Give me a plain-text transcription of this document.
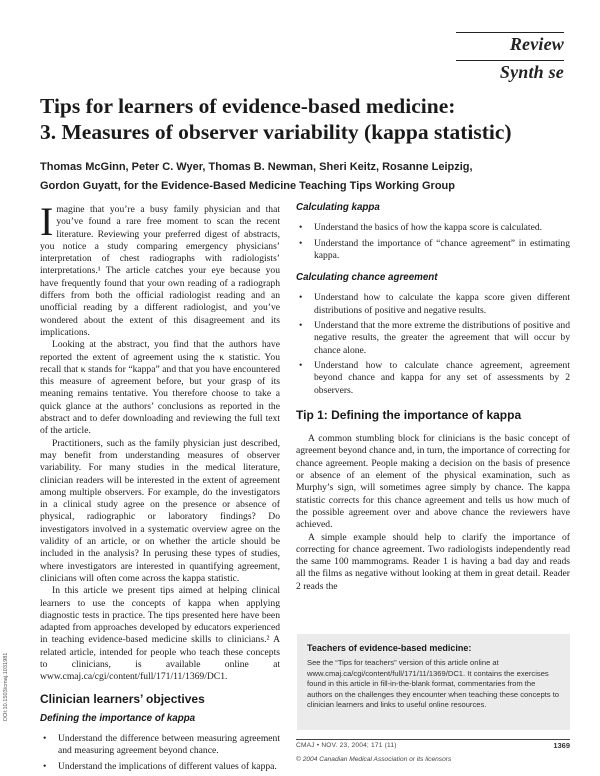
Review
Synth se
Tips for learners of evidence-based medicine:
3. Measures of observer variability (kappa statistic)
Thomas McGinn, Peter C. Wyer, Thomas B. Newman, Sheri Keitz, Rosanne Leipzig,
Gordon Guyatt, for the Evidence-Based Medicine Teaching Tips Working Group

Imagine that you’re a busy family physician and that you’ve found a rare free moment to scan the recent literature. Reviewing your preferred digest of abstracts, you notice a study comparing emergency physicians’ interpretation of chest radiographs with radiologists’ interpretations.¹ The article catches your eye because you have frequently found that your own reading of a radiograph differs from both the official radiologist reading and an unofficial reading by a different radiologist, and you’ve wondered about the extent of this disagreement and its implications.

Looking at the abstract, you find that the authors have reported the extent of agreement using the κ statistic. You recall that κ stands for “kappa” and that you have encountered this measure of agreement before, but your grasp of its meaning remains tentative. You therefore choose to take a quick glance at the authors’ conclusions as reported in the abstract and to defer downloading and reviewing the full text of the article.

Practitioners, such as the family physician just described, may benefit from understanding measures of observer variability. For many studies in the medical literature, clinician readers will be interested in the extent of agreement among multiple observers. For example, do the investigators in a clinical study agree on the presence or absence of physical, radiographic or laboratory findings? Do investigators involved in a systematic overview agree on the validity of an article, or on whether the article should be included in the analysis? In perusing these types of studies, where investigators are interested in quantifying agreement, clinicians will often come across the kappa statistic.

In this article we present tips aimed at helping clinical learners to use the concepts of kappa when applying diagnostic tests in practice. The tips presented here have been adapted from approaches developed by educators experienced in teaching evidence-based medicine skills to clinicians.² A related article, intended for people who teach these concepts to clinicians, is available online at www.cmaj.ca/cgi/content/full/171/11/1369/DC1.

Clinician learners’ objectives
Defining the importance of kappa
• Understand the difference between measuring agreement and measuring agreement beyond chance.
• Understand the implications of different values of kappa.
DOI:10.1503/cmaj.1031981
Calculating kappa
• Understand the basics of how the kappa score is calculated.
• Understand the importance of “chance agreement” in estimating kappa.
Calculating chance agreement
• Understand how to calculate the kappa score given different distributions of positive and negative results.
• Understand that the more extreme the distributions of positive and negative results, the greater the agreement that will occur by chance alone.
• Understand how to calculate chance agreement, agreement beyond chance and kappa for any set of assessments by 2 observers.
Tip 1: Defining the importance of kappa

A common stumbling block for clinicians is the basic concept of agreement beyond chance and, in turn, the importance of correcting for chance agreement. People making a decision on the basis of presence or absence of an element of the physical examination, such as Murphy’s sign, will sometimes agree simply by chance. The kappa statistic corrects for this chance agreement and tells us how much of the possible agreement over and above chance the reviewers have achieved.

A simple example should help to clarify the importance of correcting for chance agreement. Two radiologists independently read the same 100 mammograms. Reader 1 is having a bad day and reads all the films as negative without looking at them in great detail. Reader 2 reads the

Teachers of evidence-based medicine:

See the “Tips for teachers” version of this article online at www.cmaj.ca/cgi/content/full/171/11/1369/DC1. It contains the exercises found in this article in fill-in-the-blank format, commentaries from the authors on the challenges they encounter when teaching these concepts to clinician learners and links to useful online resources.

CMAJ • NOV. 23, 2004; 171 (11)	1369
© 2004 Canadian Medical Association or its licensors
